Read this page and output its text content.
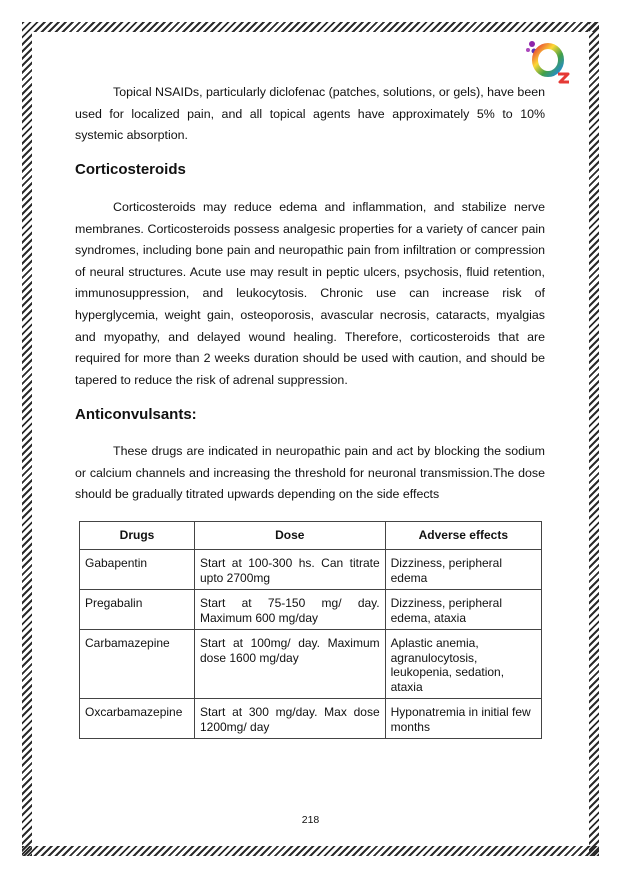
Topical NSAIDs, particularly diclofenac (patches, solutions, or gels), have been used for localized pain, and all topical agents have approximately 5% to 10% systemic absorption.

Corticosteroids

Corticosteroids may reduce edema and inflammation, and stabilize nerve membranes. Corticosteroids possess analgesic properties for a variety of cancer pain syndromes, including bone pain and neuropathic pain from infiltration or compression of neural structures. Acute use may result in peptic ulcers, psychosis, fluid retention, immunosuppression, and leukocytosis. Chronic use can increase risk of hyperglycemia, weight gain, osteoporosis, avascular necrosis, cataracts, myalgias and myopathy, and delayed wound healing. Therefore, corticosteroids that are required for more than 2 weeks duration should be used with caution, and should be tapered to reduce the risk of adrenal suppression.

Anticonvulsants:

These drugs are indicated in neuropathic pain and act by blocking the sodium or calcium channels and increasing the threshold for neuronal transmission.The dose should be gradually titrated upwards depending on the side effects

Drugs	Dose	Adverse effects
Gabapentin	Start at 100-300 hs. Can titrate upto 2700mg	Dizziness, peripheral edema
Pregabalin	Start at 75-150 mg/ day. Maximum 600 mg/day	Dizziness, peripheral edema, ataxia
Carbamazepine	Start at 100mg/ day. Maximum dose 1600 mg/day	Aplastic anemia, agranulocytosis, leukopenia, sedation, ataxia
Oxcarbamazepine	Start at 300 mg/day. Max dose 1200mg/ day	Hyponatremia in initial few months
218
